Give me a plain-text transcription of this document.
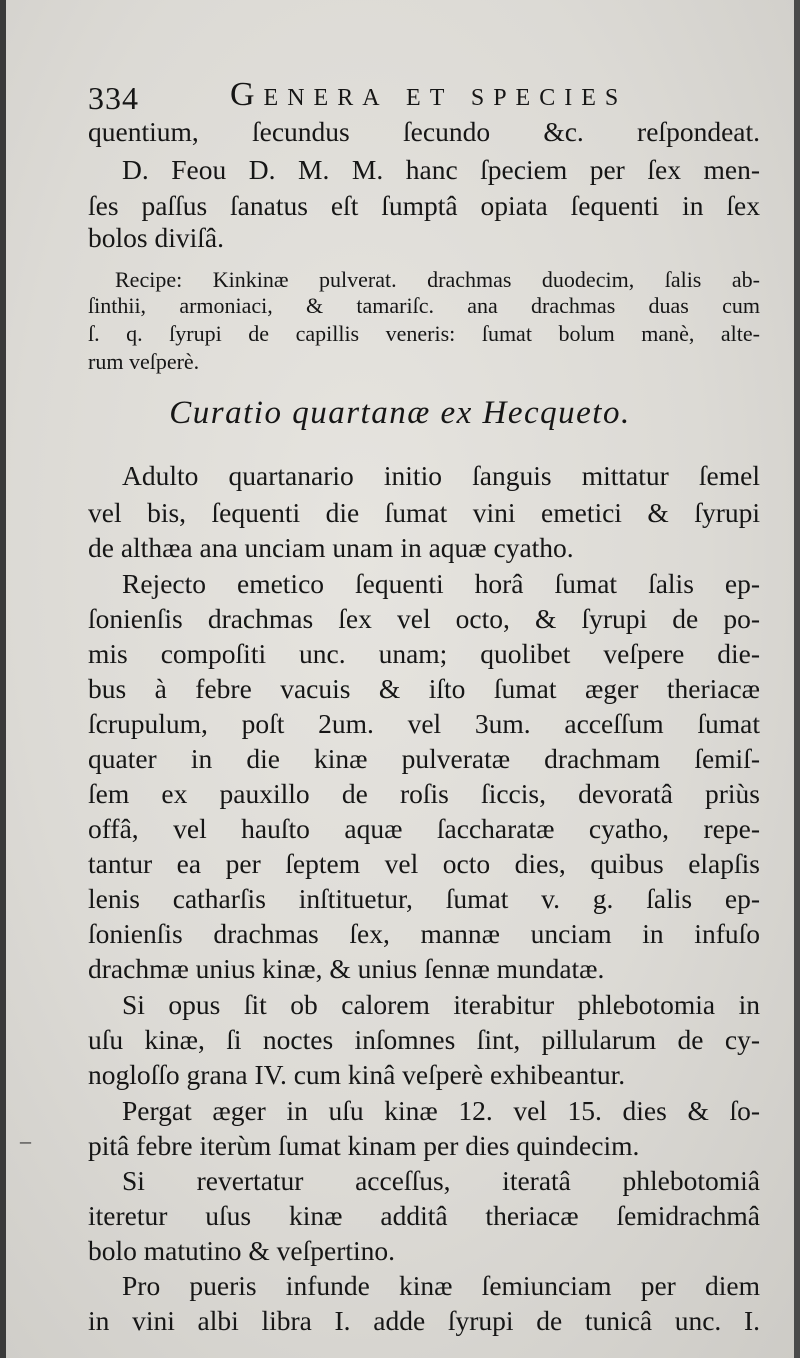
334	Genera et species
quentium, ſecundus ſecundo &c. reſpondeat.
D. Feou D. M. M. hanc ſpeciem per ſex men-
ſes paſſus ſanatus eſt ſumptâ opiata ſequenti in ſex
bolos diviſâ.
Recipe: Kinkinæ pulverat. drachmas duodecim, ſalis ab-
ſinthii, armoniaci, & tamariſc. ana drachmas duas cum
ſ. q. ſyrupi de capillis veneris: ſumat bolum manè, alte-
rum veſperè.
Curatio quartanæ ex Hecqueto.
Adulto quartanario initio ſanguis mittatur ſemel
vel bis, ſequenti die ſumat vini emetici & ſyrupi
de althæa ana unciam unam in aquæ cyatho.
Rejecto emetico ſequenti horâ ſumat ſalis ep-
ſonienſis drachmas ſex vel octo, & ſyrupi de po-
mis compoſiti unc. unam; quolibet veſpere die-
bus à febre vacuis & iſto ſumat æger theriacæ
ſcrupulum, poſt 2um. vel 3um. acceſſum ſumat
quater in die kinæ pulveratæ drachmam ſemiſ-
ſem ex pauxillo de roſis ſiccis, devoratâ priùs
offâ, vel hauſto aquæ ſaccharatæ cyatho, repe-
tantur ea per ſeptem vel octo dies, quibus elapſis
lenis catharſis inſtituetur, ſumat v. g. ſalis ep-
ſonienſis drachmas ſex, mannæ unciam in infuſo
drachmæ unius kinæ, & unius ſennæ mundatæ.
Si opus ſit ob calorem iterabitur phlebotomia in
uſu kinæ, ſi noctes inſomnes ſint, pillularum de cy-
nogloſſo grana IV. cum kinâ veſperè exhibeantur.
Pergat æger in uſu kinæ 12. vel 15. dies & ſo-
pitâ febre iterùm ſumat kinam per dies quindecim.
Si revertatur acceſſus, iteratâ phlebotomiâ
iteretur uſus kinæ additâ theriacæ ſemidrachmâ
bolo matutino & veſpertino.
Pro pueris infunde kinæ ſemiunciam per diem
in vini albi libra I. adde ſyrupi de tunicâ unc. I.
–
